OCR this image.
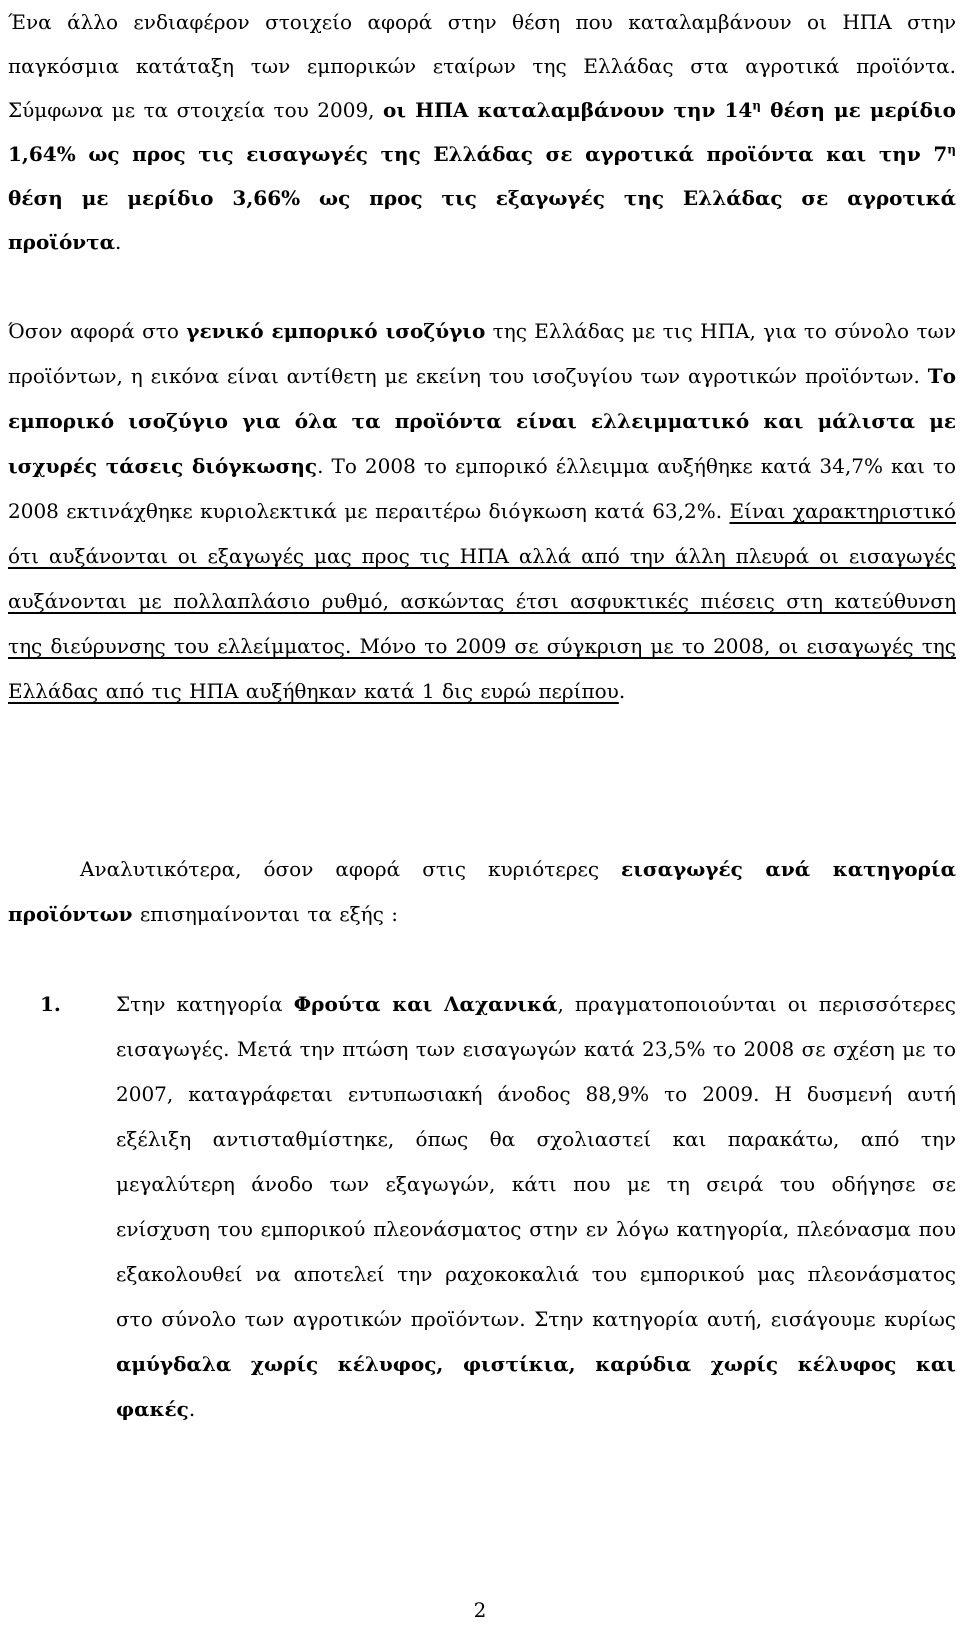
Ένα άλλο ενδιαφέρον στοιχείο αφορά στην θέση που καταλαμβάνουν οι ΗΠΑ στην παγκόσμια κατάταξη των εμπορικών εταίρων της Ελλάδας στα αγροτικά προϊόντα. Σύμφωνα με τα στοιχεία του 2009, οι ΗΠΑ καταλαμβάνουν την $14^\eta$ θέση με μερίδιο 1,64% ως προς τις εισαγωγές της Ελλάδας σε αγροτικά προϊόντα και την $7^\eta$ θέση με μερίδιο 3,66% ως προς τις εξαγωγές της Ελλάδας σε αγροτικά προϊόντα.

Όσον αφορά στο γενικό εμπορικό ισοζύγιο της Ελλάδας με τις ΗΠΑ, για το σύνολο των προϊόντων, η εικόνα είναι αντίθετη με εκείνη του ισοζυγίου των αγροτικών προϊόντων. Το εμπορικό ισοζύγιο για όλα τα προϊόντα είναι ελλειμματικό και μάλιστα με ισχυρές τάσεις διόγκωσης. Το 2008 το εμπορικό έλλειμμα αυξήθηκε κατά 34,7% και το 2008 εκτινάχθηκε κυριολεκτικά με περαιτέρω διόγκωση κατά 63,2%. Είναι χαρακτηριστικό ότι αυξάνονται οι εξαγωγές μας προς τις ΗΠΑ αλλά από την άλλη πλευρά οι εισαγωγές αυξάνονται με πολλαπλάσιο ρυθμό, ασκώντας έτσι ασφυκτικές πιέσεις στη κατεύθυνση της διεύρυνσης του ελλείμματος. Μόνο το 2009 σε σύγκριση με το 2008, οι εισαγωγές της Ελλάδας από τις ΗΠΑ αυξήθηκαν κατά 1 δις ευρώ περίπου.

Αναλυτικότερα, όσον αφορά στις κυριότερες εισαγωγές ανά κατηγορία προϊόντων επισημαίνονται τα εξής :

1.	Στην κατηγορία Φρούτα και Λαχανικά, πραγματοποιούνται οι περισσότερες εισαγωγές. Μετά την πτώση των εισαγωγών κατά 23,5% το 2008 σε σχέση με το 2007, καταγράφεται εντυπωσιακή άνοδος 88,9% το 2009. Η δυσμενή αυτή εξέλιξη αντισταθμίστηκε, όπως θα σχολιαστεί και παρακάτω, από την μεγαλύτερη άνοδο των εξαγωγών, κάτι που με τη σειρά του οδήγησε σε ενίσχυση του εμπορικού πλεονάσματος στην εν λόγω κατηγορία, πλεόνασμα που εξακολουθεί να αποτελεί την ραχοκοκαλιά του εμπορικού μας πλεονάσματος στο σύνολο των αγροτικών προϊόντων. Στην κατηγορία αυτή, εισάγουμε κυρίως αμύγδαλα χωρίς κέλυφος, φιστίκια, καρύδια χωρίς κέλυφος και φακές.

2
